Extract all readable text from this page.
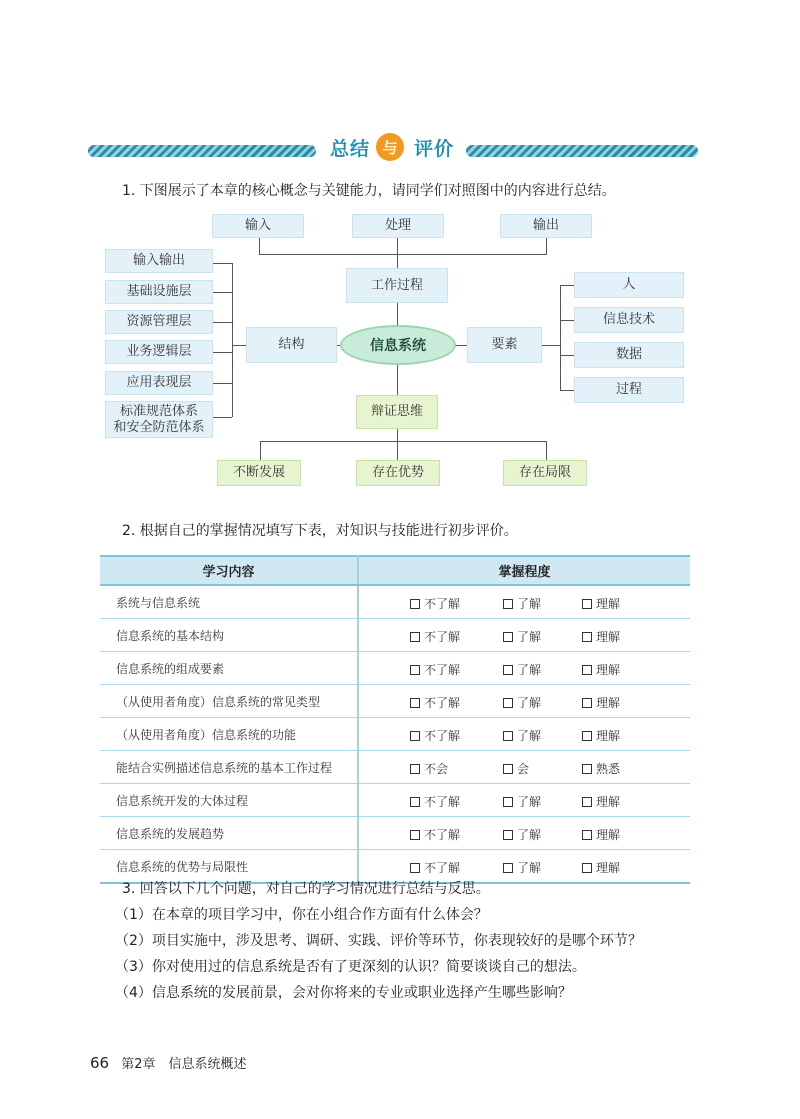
总结 与 评价
1. 下图展示了本章的核心概念与关键能力，请同学们对照图中的内容进行总结。
输入	处理	输出
工作过程
输入输出
基础设施层
资源管理层
业务逻辑层
应用表现层
标准规范体系
和安全防范体系
结构	信息系统	要素
人
信息技术
数据
过程
辩证思维
不断发展	存在优势	存在局限
2. 根据自己的掌握情况填写下表，对知识与技能进行初步评价。
学习内容	掌握程度
系统与信息系统	不了解 了解 理解

信息系统的基本结构	不了解 了解 理解

信息系统的组成要素	不了解 了解 理解

（从使用者角度）信息系统的常见类型	不了解 了解 理解

（从使用者角度）信息系统的功能	不了解 了解 理解

能结合实例描述信息系统的基本工作过程	不会 会 熟悉

信息系统开发的大体过程	不了解 了解 理解

信息系统的发展趋势	不了解 了解 理解

信息系统的优势与局限性	不了解 了解 理解
3. 回答以下几个问题，对自己的学习情况进行总结与反思。
（1）在本章的项目学习中，你在小组合作方面有什么体会？
（2）项目实施中，涉及思考、调研、实践、评价等环节，你表现较好的是哪个环节？
（3）你对使用过的信息系统是否有了更深刻的认识？简要谈谈自己的想法。
（4）信息系统的发展前景，会对你将来的专业或职业选择产生哪些影响？
66 第2章　信息系统概述
